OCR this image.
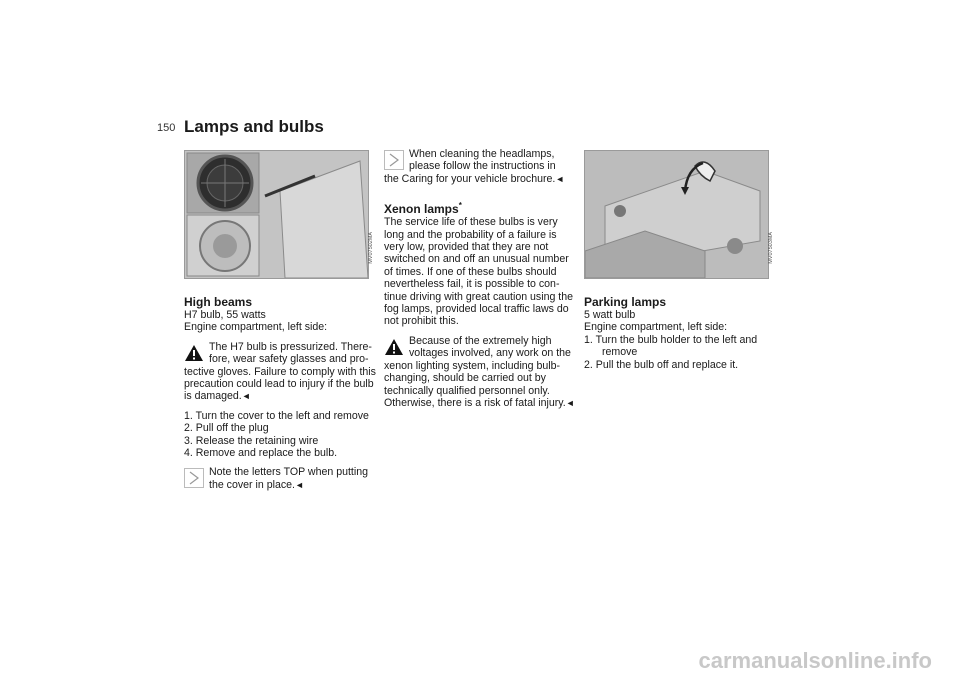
150 Lamps and bulbs
MV07502MA

High beams

H7 bulb, 55 watts

Engine compartment, left side:

The H7 bulb is pressurized. There-

fore, wear safety glasses and pro-

tective gloves. Failure to comply with this precaution could lead to injury if the bulb is damaged.◄

1. Turn the cover to the left and remove
2. Pull off the plug
3. Release the retaining wire
4. Remove and replace the bulb.

Note the letters TOP when putting

the cover in place.◄

When cleaning the headlamps,

please follow the instructions in

the Caring for your vehicle brochure.◄

Xenon lamps*

The service life of these bulbs is very long and the probability of a failure is very low, provided that they are not switched on and off an unusual number of times. If one of these bulbs should nevertheless fail, it is possible to con-tinue driving with great caution using the fog lamps, provided local traffic laws do not prohibit this.

Because of the extremely high

voltages involved, any work on the

xenon lighting system, including bulb-changing, should be carried out by technically qualified personnel only. Otherwise, there is a risk of fatal injury.◄

MV07503MA

Parking lamps

5 watt bulb

Engine compartment, left side:

1. Turn the bulb holder to the left and remove
2. Pull the bulb off and replace it.
carmanualsonline.info
